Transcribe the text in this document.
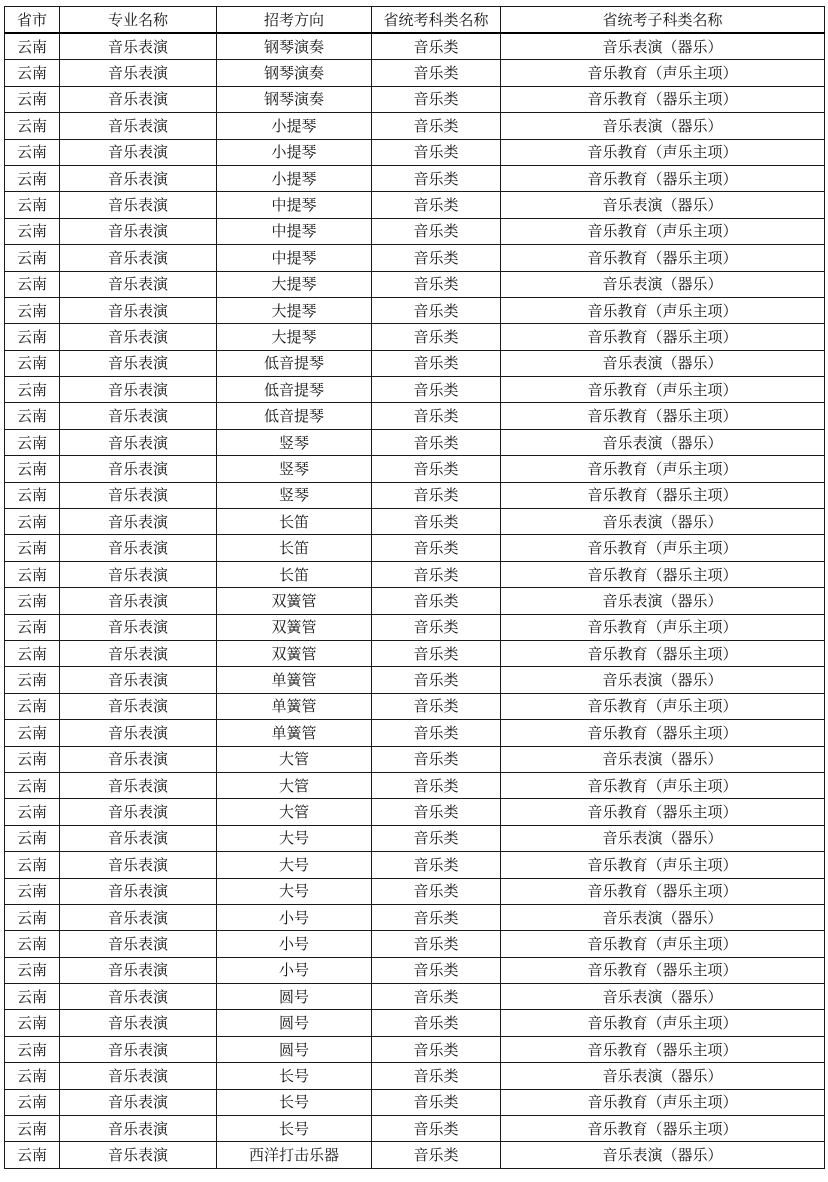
省市	专业名称	招考方向	省统考科类名称	省统考子科类名称
云南	音乐表演	钢琴演奏	音乐类	音乐表演（器乐）
云南	音乐表演	钢琴演奏	音乐类	音乐教育（声乐主项）
云南	音乐表演	钢琴演奏	音乐类	音乐教育（器乐主项）
云南	音乐表演	小提琴	音乐类	音乐表演（器乐）
云南	音乐表演	小提琴	音乐类	音乐教育（声乐主项）
云南	音乐表演	小提琴	音乐类	音乐教育（器乐主项）
云南	音乐表演	中提琴	音乐类	音乐表演（器乐）
云南	音乐表演	中提琴	音乐类	音乐教育（声乐主项）
云南	音乐表演	中提琴	音乐类	音乐教育（器乐主项）
云南	音乐表演	大提琴	音乐类	音乐表演（器乐）
云南	音乐表演	大提琴	音乐类	音乐教育（声乐主项）
云南	音乐表演	大提琴	音乐类	音乐教育（器乐主项）
云南	音乐表演	低音提琴	音乐类	音乐表演（器乐）
云南	音乐表演	低音提琴	音乐类	音乐教育（声乐主项）
云南	音乐表演	低音提琴	音乐类	音乐教育（器乐主项）
云南	音乐表演	竖琴	音乐类	音乐表演（器乐）
云南	音乐表演	竖琴	音乐类	音乐教育（声乐主项）
云南	音乐表演	竖琴	音乐类	音乐教育（器乐主项）
云南	音乐表演	长笛	音乐类	音乐表演（器乐）
云南	音乐表演	长笛	音乐类	音乐教育（声乐主项）
云南	音乐表演	长笛	音乐类	音乐教育（器乐主项）
云南	音乐表演	双簧管	音乐类	音乐表演（器乐）
云南	音乐表演	双簧管	音乐类	音乐教育（声乐主项）
云南	音乐表演	双簧管	音乐类	音乐教育（器乐主项）
云南	音乐表演	单簧管	音乐类	音乐表演（器乐）
云南	音乐表演	单簧管	音乐类	音乐教育（声乐主项）
云南	音乐表演	单簧管	音乐类	音乐教育（器乐主项）
云南	音乐表演	大管	音乐类	音乐表演（器乐）
云南	音乐表演	大管	音乐类	音乐教育（声乐主项）
云南	音乐表演	大管	音乐类	音乐教育（器乐主项）
云南	音乐表演	大号	音乐类	音乐表演（器乐）
云南	音乐表演	大号	音乐类	音乐教育（声乐主项）
云南	音乐表演	大号	音乐类	音乐教育（器乐主项）
云南	音乐表演	小号	音乐类	音乐表演（器乐）
云南	音乐表演	小号	音乐类	音乐教育（声乐主项）
云南	音乐表演	小号	音乐类	音乐教育（器乐主项）
云南	音乐表演	圆号	音乐类	音乐表演（器乐）
云南	音乐表演	圆号	音乐类	音乐教育（声乐主项）
云南	音乐表演	圆号	音乐类	音乐教育（器乐主项）
云南	音乐表演	长号	音乐类	音乐表演（器乐）
云南	音乐表演	长号	音乐类	音乐教育（声乐主项）
云南	音乐表演	长号	音乐类	音乐教育（器乐主项）
云南	音乐表演	西洋打击乐器	音乐类	音乐表演（器乐）
